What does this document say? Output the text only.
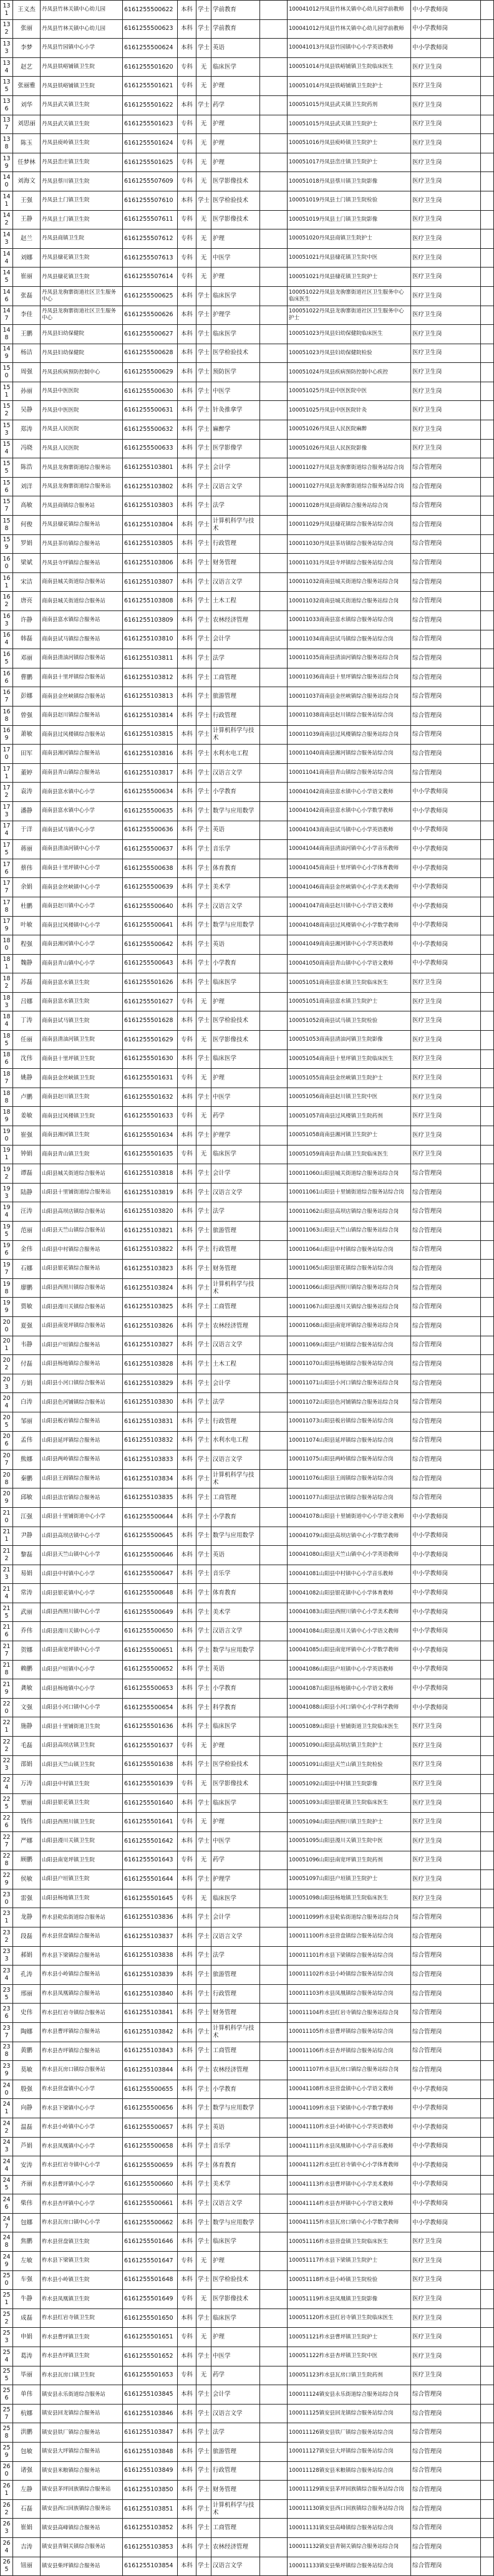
131	王义杰	丹凤县竹林关镇中心幼儿园	6161255500622	本科	学士	学前教育		100041012丹凤县竹林关镇中心幼儿园学前教师	中小学教师岗	
132	张丽	丹凤县竹林关镇中心幼儿园	6161255500623	本科	学士	学前教育		100041012丹凤县竹林关镇中心幼儿园学前教师	中小学教师岗	
133	李梦	丹凤县竹园镇中心小学	6161255500624	本科	学士	英语		100041013丹凤县竹园镇中心小学英语教师	中小学教师岗	
134	赵艺	丹凤县铁峪铺镇卫生院	6161255501620	专科	无	临床医学		100051014丹凤县铁峪铺镇卫生院临床医生	医疗卫生岗	
135	张丽雅	丹凤县铁峪铺镇卫生院	6161255501621	专科	无	护理		100051014丹凤县铁峪铺镇卫生院护士	医疗卫生岗	
136	刘华	丹凤县武关镇卫生院	6161255501622	本科	学士	药学		100051015丹凤县武关镇卫生院药剂	医疗卫生岗	
137	刘思丽	丹凤县武关镇卫生院	6161255501623	专科	无	护理		100051015丹凤县武关镇卫生院护士	医疗卫生岗	
138	陈玉	丹凤县庾岭镇卫生院	6161255501624	专科	无	护理		100051016丹凤县庾岭镇卫生院护士	医疗卫生岗	
139	任梦林	丹凤县峦庄镇卫生院	6161255501625	专科	无	护理		100051017丹凤县峦庄镇卫生院护士	医疗卫生岗	
140	刘海文	丹凤县蔡川镇卫生院	6161255507609	专科	无	医学影像技术		100051018丹凤县蔡川镇卫生院影像	医疗卫生岗	
141	王强	丹凤县土门镇卫生院	6161255507610	本科	学士	医学检验技术		100051019丹凤县土门镇卫生院检验	医疗卫生岗	
142	王静	丹凤县土门镇卫生院	6161255507611	专科	无	医学影像技术		100051019丹凤县土门镇卫生院影像	医疗卫生岗	
143	赵兰	丹凤县商镇卫生院	6161255507612	专科	无	护理		100051020丹凤县商镇卫生院护士	医疗卫生岗	
144	刘娜	丹凤县棣花镇卫生院	6161255507613	专科	无	中医学		100051021丹凤县棣花镇卫生院中医	医疗卫生岗	
145	崔丽	丹凤县棣花镇卫生院	6161255507614	专科	无	护理		100051021丹凤县棣花镇卫生院护士	医疗卫生岗	
146	张磊	丹凤县龙驹寨街道社区卫生服务中心	6161255500625	本科	学士	临床医学		100051022丹凤县龙驹寨街道社区卫生服务中心临床医生	医疗卫生岗	
147	李佳	丹凤县龙驹寨街道社区卫生服务中心	6161255500626	本科	学士	护理学		100051022丹凤县龙驹寨街道社区卫生服务中心护士	医疗卫生岗	
148	王鹏	丹凤县妇幼保健院	6161255500627	本科	学士	临床医学		100051023丹凤县妇幼保健院临床医生	医疗卫生岗	
149	杨洁	丹凤县妇幼保健院	6161255500628	本科	学士	医学检验技术		100051023丹凤县妇幼保健院检验	医疗卫生岗	
150	周强	丹凤县疾病预防控制中心	6161255500629	本科	学士	预防医学		100051024丹凤县疾病预防控制中心疾控	医疗卫生岗	
151	孙丽	丹凤县中医医院	6161255500630	本科	学士	中医学		100051025丹凤县中医医院中医	医疗卫生岗	
152	吴静	丹凤县中医医院	6161255500631	本科	学士	针灸推拿学		100051025丹凤县中医医院针灸	医疗卫生岗	
153	郑涛	丹凤县人民医院	6161255500632	本科	学士	麻醉学		100051026丹凤县人民医院麻醉	医疗卫生岗	
154	冯晓	丹凤县人民医院	6161255500633	本科	学士	医学影像学		100051026丹凤县人民医院影像	医疗卫生岗	
155	陈浩	丹凤县龙驹寨街道综合服务站	6161255103801	本科	学士	会计学		100011027丹凤县龙驹寨街道综合服务站综合岗	综合管理岗	
156	刘洋	丹凤县龙驹寨街道综合服务站	6161255103802	本科	学士	汉语言文学		100011027丹凤县龙驹寨街道综合服务站综合岗	综合管理岗	
157	高敏	丹凤县商镇综合服务站	6161255103803	本科	学士	法学		100011028丹凤县商镇综合服务站综合岗	综合管理岗	
158	何俊	丹凤县棣花镇综合服务站	6161255103804	本科	学士	计算机科学与技术		100011029丹凤县棣花镇综合服务站综合岗	综合管理岗	
159	罗娟	丹凤县茶坊镇综合服务站	6161255103805	本科	学士	行政管理		100011030丹凤县茶坊镇综合服务站综合岗	综合管理岗	
160	梁斌	丹凤县寺坪镇综合服务站	6161255103806	本科	学士	财务管理		100011031丹凤县寺坪镇综合服务站综合岗	综合管理岗	
161	宋洁	商南县城关街道综合服务站	6161255103807	本科	学士	汉语言文学		100011032商南县城关街道综合服务站综合岗	综合管理岗	
162	唐亮	商南县城关街道综合服务站	6161255103808	本科	学士	土木工程		100011032商南县城关街道综合服务站综合岗	综合管理岗	
163	许静	商南县富水镇综合服务站	6161255103809	本科	学士	农林经济管理		100011033商南县富水镇综合服务站综合岗	综合管理岗	
164	韩磊	商南县试马镇综合服务站	6161255103810	本科	学士	会计学		100011034商南县试马镇综合服务站综合岗	综合管理岗	
165	邓丽	商南县清油河镇综合服务站	6161255103811	本科	学士	法学		100011035商南县清油河镇综合服务站综合岗	综合管理岗	
166	曹鹏	商南县十里坪镇综合服务站	6161255103812	本科	学士	工商管理		100011036商南县十里坪镇综合服务站综合岗	综合管理岗	
167	彭娜	商南县金丝峡镇综合服务站	6161255103813	本科	学士	旅游管理		100011037商南县金丝峡镇综合服务站综合岗	综合管理岗	
168	曾强	商南县赵川镇综合服务站	6161255103814	本科	学士	行政管理		100011038商南县赵川镇综合服务站综合岗	综合管理岗	
169	萧敏	商南县过风楼镇综合服务站	6161255103815	本科	学士	计算机科学与技术		100011039商南县过风楼镇综合服务站综合岗	综合管理岗	
170	田军	商南县湘河镇综合服务站	6161255103816	本科	学士	水利水电工程		100011040商南县湘河镇综合服务站综合岗	综合管理岗	
171	董婷	商南县青山镇综合服务站	6161255103817	本科	学士	汉语言文学		100011041商南县青山镇综合服务站综合岗	综合管理岗	
172	袁涛	商南县富水镇中心小学	6161255500634	本科	学士	小学教育		100041042商南县富水镇中心小学语文教师	中小学教师岗	
173	潘静	商南县富水镇中心小学	6161255500635	本科	学士	数学与应用数学		100041042商南县富水镇中心小学数学教师	中小学教师岗	
174	于洋	商南县试马镇中心小学	6161255500636	本科	学士	英语		100041043商南县试马镇中心小学英语教师	中小学教师岗	
175	蒋丽	商南县清油河镇中心小学	6161255500637	本科	学士	音乐学		100041044商南县清油河镇中心小学音乐教师	中小学教师岗	
176	蔡伟	商南县十里坪镇中心小学	6161255500638	本科	学士	体育教育		100041045商南县十里坪镇中心小学体育教师	中小学教师岗	
177	余娟	商南县金丝峡镇中心小学	6161255500639	本科	学士	美术学		100041046商南县金丝峡镇中心小学美术教师	中小学教师岗	
178	杜鹏	商南县赵川镇中心小学	6161255500640	本科	学士	汉语言文学		100041047商南县赵川镇中心小学语文教师	中小学教师岗	
179	叶敏	商南县过风楼镇中心小学	6161255500641	本科	学士	数学与应用数学		100041048商南县过风楼镇中心小学数学教师	中小学教师岗	
180	程强	商南县湘河镇中心小学	6161255500642	本科	学士	英语		100041049商南县湘河镇中心小学英语教师	中小学教师岗	
181	魏静	商南县青山镇中心小学	6161255500643	本科	学士	小学教育		100041050商南县青山镇中心小学语文教师	中小学教师岗	
182	苏磊	商南县富水镇卫生院	6161255501626	本科	学士	临床医学		100051051商南县富水镇卫生院临床医生	医疗卫生岗	
183	吕娜	商南县富水镇卫生院	6161255501627	专科	无	护理		100051051商南县富水镇卫生院护士	医疗卫生岗	
184	丁涛	商南县试马镇卫生院	6161255501628	本科	学士	医学检验技术		100051052商南县试马镇卫生院检验	医疗卫生岗	
185	任丽	商南县清油河镇卫生院	6161255501629	专科	无	医学影像技术		100051053商南县清油河镇卫生院影像	医疗卫生岗	
186	沈伟	商南县十里坪镇卫生院	6161255501630	本科	学士	临床医学		100051054商南县十里坪镇卫生院临床医生	医疗卫生岗	
187	姚静	商南县金丝峡镇卫生院	6161255501631	专科	无	护理		100051055商南县金丝峡镇卫生院护士	医疗卫生岗	
188	卢鹏	商南县赵川镇卫生院	6161255501632	本科	学士	中医学		100051056商南县赵川镇卫生院中医	医疗卫生岗	
189	姜敏	商南县过风楼镇卫生院	6161255501633	专科	无	药学		100051057商南县过风楼镇卫生院药剂	医疗卫生岗	
190	崔强	商南县湘河镇卫生院	6161255501634	本科	学士	护理学		100051058商南县湘河镇卫生院护士	医疗卫生岗	
191	钟娟	商南县青山镇卫生院	6161255501635	专科	无	临床医学		100051059商南县青山镇卫生院临床医生	医疗卫生岗	
192	谭磊	山阳县城关街道综合服务站	6161255103818	本科	学士	会计学		100011060山阳县城关街道综合服务站综合岗	综合管理岗	
193	陆静	山阳县十里铺街道综合服务站	6161255103819	本科	学士	汉语言文学		100011061山阳县十里铺街道综合服务站综合岗	综合管理岗	
194	汪涛	山阳县高坝店镇综合服务站	6161255103820	本科	学士	法学		100011062山阳县高坝店镇综合服务站综合岗	综合管理岗	
195	范丽	山阳县天竺山镇综合服务站	6161255103821	本科	学士	旅游管理		100011063山阳县天竺山镇综合服务站综合岗	综合管理岗	
196	金伟	山阳县中村镇综合服务站	6161255103822	本科	学士	行政管理		100011064山阳县中村镇综合服务站综合岗	综合管理岗	
197	石娜	山阳县银花镇综合服务站	6161255103823	本科	学士	财务管理		100011065山阳县银花镇综合服务站综合岗	综合管理岗	
198	廖鹏	山阳县西照川镇综合服务站	6161255103824	本科	学士	计算机科学与技术		100011066山阳县西照川镇综合服务站综合岗	综合管理岗	
199	贾敏	山阳县漫川关镇综合服务站	6161255103825	本科	学士	工商管理		100011067山阳县漫川关镇综合服务站综合岗	综合管理岗	
200	夏强	山阳县南宽坪镇综合服务站	6161255103826	本科	学士	农林经济管理		100011068山阳县南宽坪镇综合服务站综合岗	综合管理岗	
201	韦静	山阳县户垣镇综合服务站	6161255103827	本科	学士	汉语言文学		100011069山阳县户垣镇综合服务站综合岗	综合管理岗	
202	付磊	山阳县杨地镇综合服务站	6161255103828	本科	学士	土木工程		100011070山阳县杨地镇综合服务站综合岗	综合管理岗	
203	方娟	山阳县小河口镇综合服务站	6161255103829	本科	学士	会计学		100011071山阳县小河口镇综合服务站综合岗	综合管理岗	
204	白涛	山阳县色河铺镇综合服务站	6161255103830	本科	学士	法学		100011072山阳县色河铺镇综合服务站综合岗	综合管理岗	
205	邹丽	山阳县板岩镇综合服务站	6161255103831	本科	学士	行政管理		100011073山阳县板岩镇综合服务站综合岗	综合管理岗	
206	孟伟	山阳县延坪镇综合服务站	6161255103832	本科	学士	水利水电工程		100011074山阳县延坪镇综合服务站综合岗	综合管理岗	
207	熊娜	山阳县两岭镇综合服务站	6161255103833	本科	学士	汉语言文学		100011075山阳县两岭镇综合服务站综合岗	综合管理岗	
208	秦鹏	山阳县王阎镇综合服务站	6161255103834	本科	学士	计算机科学与技术		100011076山阳县王阎镇综合服务站综合岗	综合管理岗	
209	邱敏	山阳县法官镇综合服务站	6161255103835	本科	学士	工商管理		100011077山阳县法官镇综合服务站综合岗	综合管理岗	
210	江强	山阳县十里铺街道中心小学	6161255500644	本科	学士	小学教育		100041078山阳县十里铺街道中心小学语文教师	中小学教师岗	
211	尹静	山阳县高坝店镇中心小学	6161255500645	本科	学士	数学与应用数学		100041079山阳县高坝店镇中心小学数学教师	中小学教师岗	
212	黎磊	山阳县天竺山镇中心小学	6161255500646	本科	学士	英语		100041080山阳县天竺山镇中心小学英语教师	中小学教师岗	
213	易娟	山阳县中村镇中心小学	6161255500647	本科	学士	音乐学		100041081山阳县中村镇中心小学音乐教师	中小学教师岗	
214	常涛	山阳县银花镇中心小学	6161255500648	本科	学士	体育教育		100041082山阳县银花镇中心小学体育教师	中小学教师岗	
215	武丽	山阳县西照川镇中心小学	6161255500649	本科	学士	美术学		100041083山阳县西照川镇中心小学美术教师	中小学教师岗	
216	乔伟	山阳县漫川关镇中心小学	6161255500650	本科	学士	汉语言文学		100041084山阳县漫川关镇中心小学语文教师	中小学教师岗	
217	贺娜	山阳县南宽坪镇中心小学	6161255500651	本科	学士	数学与应用数学		100041085山阳县南宽坪镇中心小学数学教师	中小学教师岗	
218	赖鹏	山阳县户垣镇中心小学	6161255500652	本科	学士	英语		100041086山阳县户垣镇中心小学英语教师	中小学教师岗	
219	龚敏	山阳县杨地镇中心小学	6161255500653	本科	学士	小学教育		100041087山阳县杨地镇中心小学语文教师	中小学教师岗	
220	文强	山阳县小河口镇中心小学	6161255500654	本科	学士	科学教育		100041088山阳县小河口镇中心小学科学教师	中小学教师岗	
221	施静	山阳县十里铺街道卫生院	6161255501636	本科	学士	临床医学		100051089山阳县十里铺街道卫生院临床医生	医疗卫生岗	
222	毛磊	山阳县高坝店镇卫生院	6161255501637	专科	无	护理		100051090山阳县高坝店镇卫生院护士	医疗卫生岗	
223	邵娟	山阳县天竺山镇卫生院	6161255501638	本科	学士	医学检验技术		100051091山阳县天竺山镇卫生院检验	医疗卫生岗	
224	万涛	山阳县中村镇卫生院	6161255501639	专科	无	医学影像技术		100051092山阳县中村镇卫生院影像	医疗卫生岗	
225	覃丽	山阳县银花镇卫生院	6161255501640	本科	学士	临床医学		100051093山阳县银花镇卫生院临床医生	医疗卫生岗	
226	钱伟	山阳县西照川镇卫生院	6161255501641	专科	无	护理		100051094山阳县西照川镇卫生院护士	医疗卫生岗	
227	严娜	山阳县漫川关镇卫生院	6161255501642	本科	学士	中医学		100051095山阳县漫川关镇卫生院中医	医疗卫生岗	
228	顾鹏	山阳县南宽坪镇卫生院	6161255501643	专科	无	药学		100051096山阳县南宽坪镇卫生院药剂	医疗卫生岗	
229	侯敏	山阳县户垣镇卫生院	6161255501644	本科	学士	护理学		100051097山阳县户垣镇卫生院护士	医疗卫生岗	
230	雷强	山阳县杨地镇卫生院	6161255501645	专科	无	临床医学		100051098山阳县杨地镇卫生院临床医生	医疗卫生岗	
231	龙静	柞水县乾佑街道综合服务站	6161255103836	本科	学士	会计学		100011099柞水县乾佑街道综合服务站综合岗	综合管理岗	
232	段磊	柞水县营盘镇综合服务站	6161255103837	本科	学士	汉语言文学		100011100柞水县营盘镇综合服务站综合岗	综合管理岗	
233	郝娟	柞水县下梁镇综合服务站	6161255103838	本科	学士	法学		100011101柞水县下梁镇综合服务站综合岗	综合管理岗	
234	孔涛	柞水县小岭镇综合服务站	6161255103839	本科	学士	旅游管理		100011102柞水县小岭镇综合服务站综合岗	综合管理岗	
235	邢丽	柞水县凤凰镇综合服务站	6161255103840	本科	学士	行政管理		100011103柞水县凤凰镇综合服务站综合岗	综合管理岗	
236	史伟	柞水县红岩寺镇综合服务站	6161255103841	本科	学士	财务管理		100011104柞水县红岩寺镇综合服务站综合岗	综合管理岗	
237	陶娜	柞水县曹坪镇综合服务站	6161255103842	本科	学士	计算机科学与技术		100011105柞水县曹坪镇综合服务站综合岗	综合管理岗	
238	黄鹏	柞水县杏坪镇综合服务站	6161255103843	本科	学士	工商管理		100011106柞水县杏坪镇综合服务站综合岗	综合管理岗	
239	莫敏	柞水县瓦房口镇综合服务站	6161255103844	本科	学士	农林经济管理		100011107柞水县瓦房口镇综合服务站综合岗	综合管理岗	
240	殷强	柞水县营盘镇中心小学	6161255500655	本科	学士	小学教育		100041108柞水县营盘镇中心小学语文教师	中小学教师岗	
241	向静	柞水县下梁镇中心小学	6161255500656	本科	学士	数学与应用数学		100041109柞水县下梁镇中心小学数学教师	中小学教师岗	
242	温磊	柞水县小岭镇中心小学	6161255500657	本科	学士	英语		100041110柞水县小岭镇中心小学英语教师	中小学教师岗	
243	芦娟	柞水县凤凰镇中心小学	6161255500658	本科	学士	音乐学		100041111柞水县凤凰镇中心小学音乐教师	中小学教师岗	
244	安涛	柞水县红岩寺镇中心小学	6161255500659	本科	学士	体育教育		100041112柞水县红岩寺镇中心小学体育教师	中小学教师岗	
245	齐丽	柞水县曹坪镇中心小学	6161255500660	本科	学士	美术学		100041113柞水县曹坪镇中心小学美术教师	中小学教师岗	
246	柴伟	柞水县杏坪镇中心小学	6161255500661	本科	学士	汉语言文学		100041114柞水县杏坪镇中心小学语文教师	中小学教师岗	
247	包娜	柞水县瓦房口镇中心小学	6161255500662	本科	学士	数学与应用数学		100041115柞水县瓦房口镇中心小学数学教师	中小学教师岗	
248	焦鹏	柞水县营盘镇卫生院	6161255501646	本科	学士	临床医学		100051116柞水县营盘镇卫生院临床医生	医疗卫生岗	
249	左敏	柞水县下梁镇卫生院	6161255501647	专科	无	护理		100051117柞水县下梁镇卫生院护士	医疗卫生岗	
250	车强	柞水县小岭镇卫生院	6161255501648	本科	学士	医学检验技术		100051118柞水县小岭镇卫生院检验	医疗卫生岗	
251	牛静	柞水县凤凰镇卫生院	6161255501649	专科	无	医学影像技术		100051119柞水县凤凰镇卫生院影像	医疗卫生岗	
252	成磊	柞水县红岩寺镇卫生院	6161255501650	本科	学士	临床医学		100051120柞水县红岩寺镇卫生院临床医生	医疗卫生岗	
253	申娟	柞水县曹坪镇卫生院	6161255501651	专科	无	护理		100051121柞水县曹坪镇卫生院护士	医疗卫生岗	
254	葛涛	柞水县杏坪镇卫生院	6161255501652	本科	学士	中医学		100051122柞水县杏坪镇卫生院中医	医疗卫生岗	
255	毕丽	柞水县瓦房口镇卫生院	6161255501653	专科	无	药学		100051123柞水县瓦房口镇卫生院药剂	医疗卫生岗	
256	单伟	镇安县永乐街道综合服务站	6161255103845	本科	学士	会计学		100011124镇安县永乐街道综合服务站综合岗	综合管理岗	
257	杭娜	镇安县回龙镇综合服务站	6161255103846	本科	学士	汉语言文学		100011125镇安县回龙镇综合服务站综合岗	综合管理岗	
258	洪鹏	镇安县铁厂镇综合服务站	6161255103847	本科	学士	法学		100011126镇安县铁厂镇综合服务站综合岗	综合管理岗	
259	包敏	镇安县大坪镇综合服务站	6161255103848	本科	学士	旅游管理		100011127镇安县大坪镇综合服务站综合岗	综合管理岗	
260	诸强	镇安县米粮镇综合服务站	6161255103849	本科	学士	行政管理		100011128镇安县米粮镇综合服务站综合岗	综合管理岗	
261	左静	镇安县茅坪回族镇综合服务站	6161255103850	本科	学士	财务管理		100011129镇安县茅坪回族镇综合服务站综合岗	综合管理岗	
262	石磊	镇安县西口回族镇综合服务站	6161255103851	本科	学士	计算机科学与技术		100011130镇安县西口回族镇综合服务站综合岗	综合管理岗	
263	崔娟	镇安县高峰镇综合服务站	6161255103852	本科	学士	工商管理		100011131镇安县高峰镇综合服务站综合岗	综合管理岗	
264	吉涛	镇安县青铜关镇综合服务站	6161255103853	本科	学士	农林经济管理		100011132镇安县青铜关镇综合服务站综合岗	综合管理岗	
265	钮丽	镇安县柴坪镇综合服务站	6161255103854	本科	学士	汉语言文学		100011133镇安县柴坪镇综合服务站综合岗	综合管理岗	
